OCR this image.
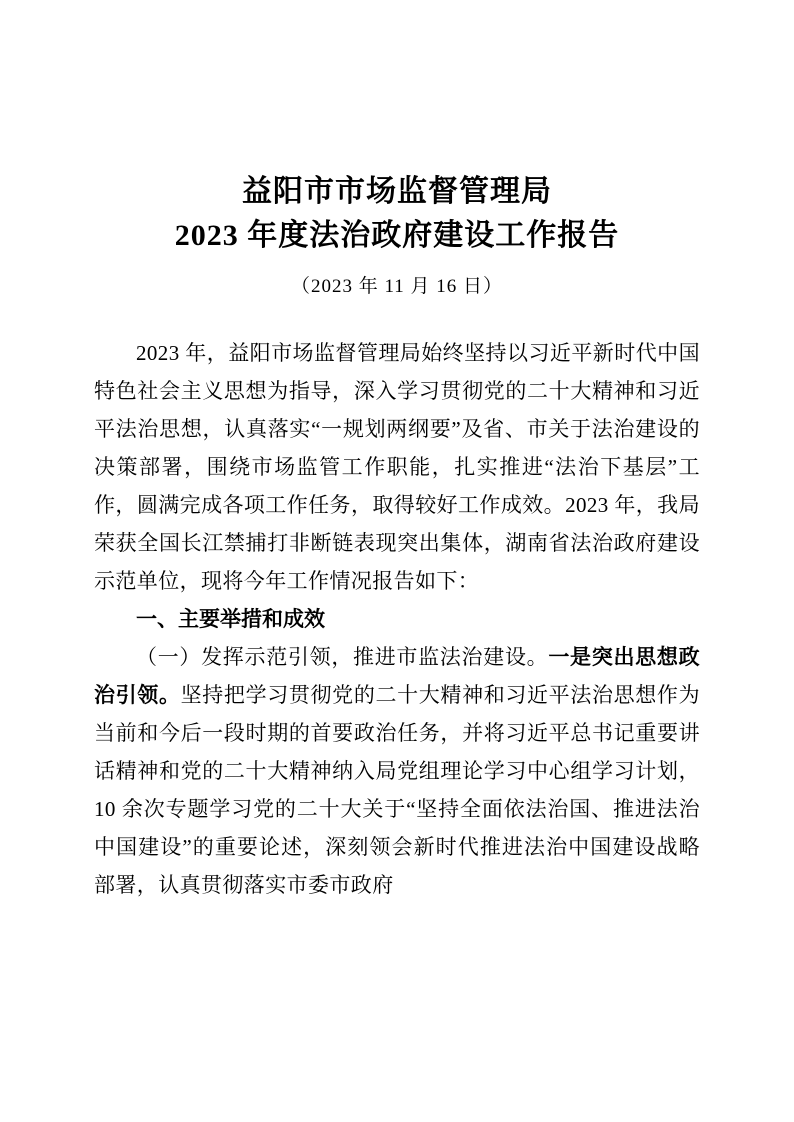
益阳市市场监督管理局
2023 年度法治政府建设工作报告
（2023 年 11 月 16 日）

2023 年，益阳市场监督管理局始终坚持以习近平新时代中国特色社会主义思想为指导，深入学习贯彻党的二十大精神和习近平法治思想，认真落实“一规划两纲要”及省、市关于法治建设的决策部署，围绕市场监管工作职能，扎实推进“法治下基层”工作，圆满完成各项工作任务，取得较好工作成效。2023 年，我局荣获全国长江禁捕打非断链表现突出集体，湖南省法治政府建设示范单位，现将今年工作情况报告如下：

一、主要举措和成效

（一）发挥示范引领，推进市监法治建设。一是突出思想政治引领。坚持把学习贯彻党的二十大精神和习近平法治思想作为当前和今后一段时期的首要政治任务，并将习近平总书记重要讲话精神和党的二十大精神纳入局党组理论学习中心组学习计划，10 余次专题学习党的二十大关于“坚持全面依法治国、推进法治中国建设”的重要论述，深刻领会新时代推进法治中国建设战略部署，认真贯彻落实市委市政府
